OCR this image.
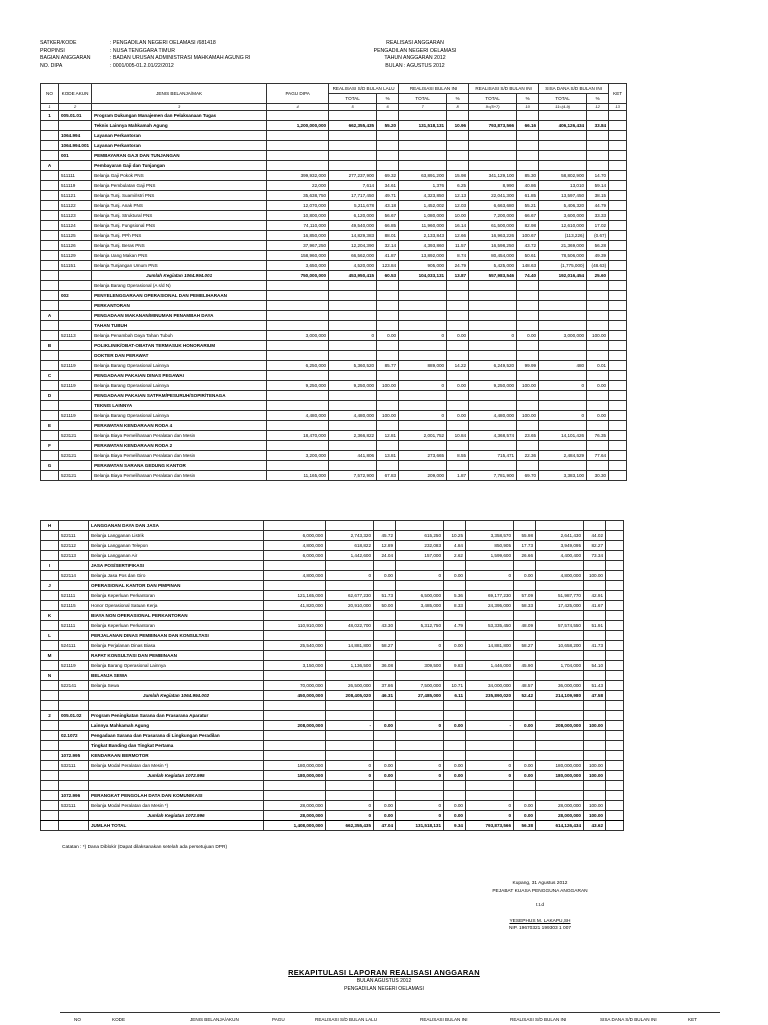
SATKER/KODE	: PENGADILAN NEGERI OELAMASI /681418
PROPINSI	: NUSA TENGGARA TIMUR
BAGIAN ANGGARAN	: BADAN URUSAN ADMINISTRASI MAHKAMAH AGUNG RI
NO. DIPA	: 0001/005-01.2.01/22/2012
REALISASI ANGGARAN
PENGADILAN NEGERI OELAMASI
TAHUN ANGGARAN 2012
BULAN : AGUSTUS 2012
NO	KODE AKUN	JENIS BELANJA/MAK	PAGU DIPA	REALISASI S/D BULAN LALU		REALISASI BULAN INI		REALISASI S/D BULAN INI		SISA DANA S/D BULAN INI		KET
				TOTAL	%	TOTAL	%	TOTAL	%	TOTAL	%	
1	2	3	4	5	6	7	8	9=(5+7)	10	11=(4-9)	12	13
1	005.01.01	Program Dukungan Manajemen dan Pelaksanaan Tugas										
		Teknis Lainnya Mahkamah Agung	1,200,000,000	662,355,435	55.20	131,518,131	10.96	793,873,566	66.16	406,126,434	33.84	
	1064.994	Layanan Perkantoran										
	1064.994.001	Layanan Perkantoran										
	001	PEMBAYARAN GAJI DAN TUNJANGAN										
A		Pembayaran Gaji dan Tunjangan										
	511111	Belanja Gaji Pokok PNS	399,932,000	277,237,900	69.32	63,891,200	15.98	341,129,100	85.30	58,802,900	14.70	
	511119	Belanja Pembulatan Gaji PNS	22,000	7,614	34.61	1,376	6.25	8,990	40.86	13,010	59.14	
	511121	Belanja Tunj. Suami/Istri PNS	35,638,750	17,717,450	49.71	4,323,850	12.13	22,041,300	61.85	13,597,450	38.15	
	511122	Belanja Tunj. Anak PNS	12,070,000	5,211,678	43.18	1,452,002	12.03	6,663,680	55.21	5,406,320	44.79	
	511123	Belanja Tunj. Struktural PNS	10,800,000	6,120,000	56.67	1,080,000	10.00	7,200,000	66.67	3,600,000	33.33	
	511124	Belanja Tunj. Fungsional PNS	74,110,000	49,540,000	66.85	11,960,000	16.14	61,500,000	82.98	12,610,000	17.02	
	511125	Belanja Tunj. PPh PNS	16,850,000	14,829,383	88.01	2,133,843	12.66	16,963,226	100.67	(113,226)	(0.67)	
	511126	Belanja Tunj. Beras PNS	37,967,250	12,204,390	32.14	4,393,860	11.57	16,598,250	43.72	21,369,000	56.28	
	511129	Belanja Uang Makan PNS	158,960,000	66,562,000	41.87	13,892,000	8.74	80,454,000	50.61	78,506,000	49.39	
	511151	Belanja Tunjangan Umum PNS	3,650,000	4,520,000	123.84	905,000	24.79	5,425,000	148.63	(1,775,000)	(48.63)	
		Jumlah Kegiatan 1064.994.001	750,000,000	453,950,415	60.53	104,033,131	13.87	557,983,546	74.40	192,016,454	25.60	
		Belanja Barang Operasional (A s/d N)										
	002	PENYELENGGARAAN OPERASIONAL DAN PEMELIHARAAN										
		PERKANTORAN										
A		PENGADAAN MAKANAN/MINUMAN PENAMBAH DAYA										
		TAHAN TUBUH										
	521113	Belanja Penambah Daya Tahan Tubuh	3,000,000	0	0.00	0	0.00	0	0.00	3,000,000	100.00	
B		POLIKLINIK/OBAT-OBATAN TERMASUK HONORARIUM										
		DOKTER DAN PERAWAT										
	521119	Belanja Barang Operasional Lainnya	6,250,000	5,360,520	85.77	889,000	14.22	6,249,520	99.99	480	0.01	
C		PENGADAAN PAKAIAN DINAS PEGAWAI										
	521119	Belanja Barang Operasional Lainnya	9,250,000	9,250,000	100.00	0	0.00	9,250,000	100.00	0	0.00	
D		PENGADAAN PAKAIAN SATPAM/PESURUH/SOPIR/TENAGA										
		TEKNIS LAINNYA										
	521119	Belanja Barang Operasional Lainnya	4,480,000	4,480,000	100.00	0	0.00	4,480,000	100.00	0	0.00	
E		PERAWATAN KENDARAAN RODA 4										
	523121	Belanja Biaya Pemeliharaan Peralatan dan Mesin	18,470,000	2,366,822	12.81	2,001,752	10.84	4,368,574	23.65	14,101,426	76.35	
F		PERAWATAN KENDARAAN RODA 2										
	523121	Belanja Biaya Pemeliharaan Peralatan dan Mesin	3,200,000	441,806	13.81	273,665	8.55	715,471	22.36	2,484,529	77.64	
G		PERAWATAN SARANA GEDUNG KANTOR										
	523121	Belanja Biaya Pemeliharaan Peralatan dan Mesin	11,165,000	7,572,900	67.83	209,000	1.87	7,781,900	69.70	3,383,100	30.30	
H		LANGGANAN DAYA DAN JASA										
	522111	Belanja Langganan Listrik	6,000,000	2,743,320	45.72	615,250	10.25	3,358,570	55.98	2,641,430	44.02	
	522112	Belanja Langganan Telepon	4,800,000	618,822	12.89	232,083	4.84	850,905	17.73	3,949,095	82.27	
	522113	Belanja Langganan Air	6,000,000	1,442,600	24.04	157,000	2.62	1,599,600	26.66	4,400,400	73.34	
I		JASA POS/SERTIFIKASI										
	522114	Belanja Jasa Pos dan Giro	4,800,000	0	0.00	0	0.00	0	0.00	4,800,000	100.00	
J		OPERASIONAL KANTOR DAN PIMPINAN										
	521111	Belanja Keperluan Perkantoran	121,165,000	62,677,230	51.73	6,500,000	5.36	69,177,230	57.09	51,987,770	42.91	
	521115	Honor Operasional Satuan Kerja	41,820,000	20,910,000	50.00	3,485,000	8.33	24,395,000	58.33	17,425,000	41.67	
K		BIAYA NON OPERASIONAL PERKANTORAN										
	521111	Belanja Keperluan Perkantoran	110,910,000	48,022,700	43.30	5,312,750	4.79	53,335,450	48.09	57,574,550	51.91	
L		PERJALANAN DINAS PEMBINAAN DAN KONSULTASI										
	524111	Belanja Perjalanan Dinas Biasa	25,540,000	14,881,800	58.27	0	0.00	14,881,800	58.27	10,658,200	41.73	
M		RAPAT KONSULTASI DAN PEMBINAAN										
	521119	Belanja Barang Operasional Lainnya	3,150,000	1,136,500	36.08	309,500	9.83	1,446,000	45.90	1,704,000	54.10	
N		BELANJA SEWA										
	522141	Belanja Sewa	70,000,000	26,500,000	37.86	7,500,000	10.71	34,000,000	48.57	36,000,000	51.43	
		Jumlah Kegiatan 1064.994.002	450,000,000	208,405,020	46.31	27,485,000	6.11	235,890,020	52.42	214,109,980	47.58	

2	005.01.02	Program Peningkatan Sarana dan Prasarana Aparatur										
		Lainnya Mahkamah Agung	208,000,000	-	0.00	0	0.00	-	0.00	208,000,000	100.00	
	02.1072	Pengadaan Sarana dan Prasarana di Lingkungan Peradilan										
		Tingkat Banding dan Tingkat Pertama										
	1072.995	KENDARAAN BERMOTOR										
	532111	Belanja Modal Peralatan dan Mesin *)	180,000,000	0	0.00	0	0.00	0	0.00	180,000,000	100.00	
		Jumlah Kegiatan 1072.995	180,000,000	0	0.00	0	0.00	0	0.00	180,000,000	100.00	

	1072.996	PERANGKAT PENGOLAH DATA DAN KOMUNIKASI										
	532111	Belanja Modal Peralatan dan Mesin *)	28,000,000	0	0.00	0	0.00	0	0.00	28,000,000	100.00	
		Jumlah Kegiatan 1072.996	28,000,000	0	0.00	0	0.00	0	0.00	28,000,000	100.00	
		JUMLAH TOTAL	1,408,000,000	662,355,435	47.04	131,518,131	9.34	793,873,566	56.38	614,126,434	43.62	
Catatan : *) Dana Diblokir (Dapat dilaksanakan setelah ada persetujuan DPR)
Kupang, 31 Agustus 2012
PEJABAT KUASA PENGGUNA ANGGARAN
t.t.d
YESEPHUS M. LAKAPU,SH
NIP. 19670321 199303 1 007
REKAPITULASI LAPORAN REALISASI ANGGARAN
BULAN AGUSTUS 2012
PENGADILAN NEGERI OELAMASI
NO	KODE	JENIS BELANJA/AKUN	PAGU	REALISASI S/D BULAN LALU	REALISASI BULAN INI	REALISASI S/D BULAN INI	SISA DANA S/D BULAN INI	KET
